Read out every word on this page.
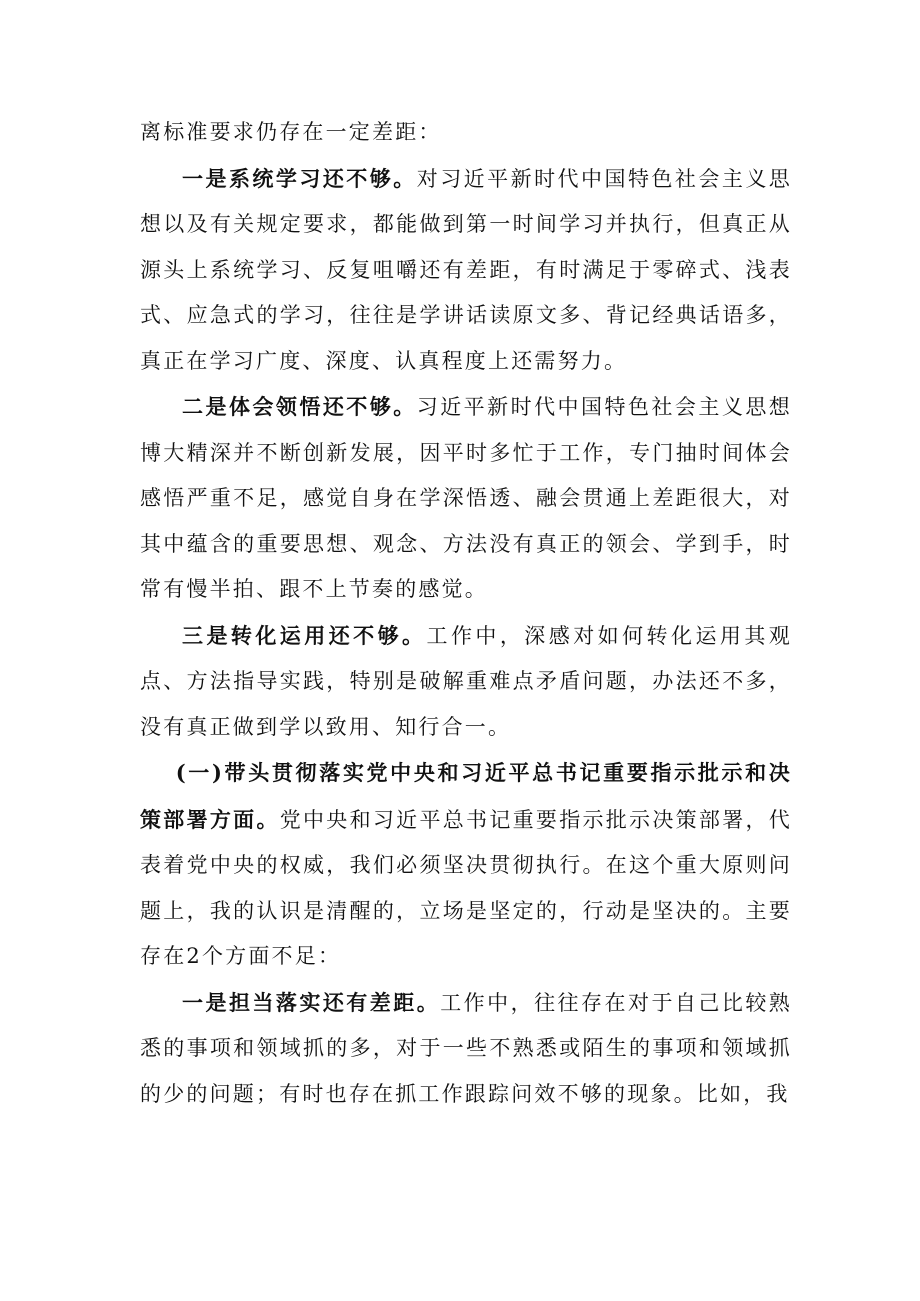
离标准要求仍存在一定差距：

一是系统学习还不够。对习近平新时代中国特色社会主义思想以及有关规定要求，都能做到第一时间学习并执行，但真正从源头上系统学习、反复咀嚼还有差距，有时满足于零碎式、浅表式、应急式的学习，往往是学讲话读原文多、背记经典话语多，真正在学习广度、深度、认真程度上还需努力。

二是体会领悟还不够。习近平新时代中国特色社会主义思想博大精深并不断创新发展，因平时多忙于工作，专门抽时间体会感悟严重不足，感觉自身在学深悟透、融会贯通上差距很大，对其中蕴含的重要思想、观念、方法没有真正的领会、学到手，时常有慢半拍、跟不上节奏的感觉。

三是转化运用还不够。工作中，深感对如何转化运用其观点、方法指导实践，特别是破解重难点矛盾问题，办法还不多，没有真正做到学以致用、知行合一。

(一)带头贯彻落实党中央和习近平总书记重要指示批示和决策部署方面。党中央和习近平总书记重要指示批示决策部署，代表着党中央的权威，我们必须坚决贯彻执行。在这个重大原则问题上，我的认识是清醒的，立场是坚定的，行动是坚决的。主要存在2个方面不足：

一是担当落实还有差距。工作中，往往存在对于自己比较熟悉的事项和领域抓的多，对于一些不熟悉或陌生的事项和领域抓的少的问题；有时也存在抓工作跟踪问效不够的现象。比如，我
